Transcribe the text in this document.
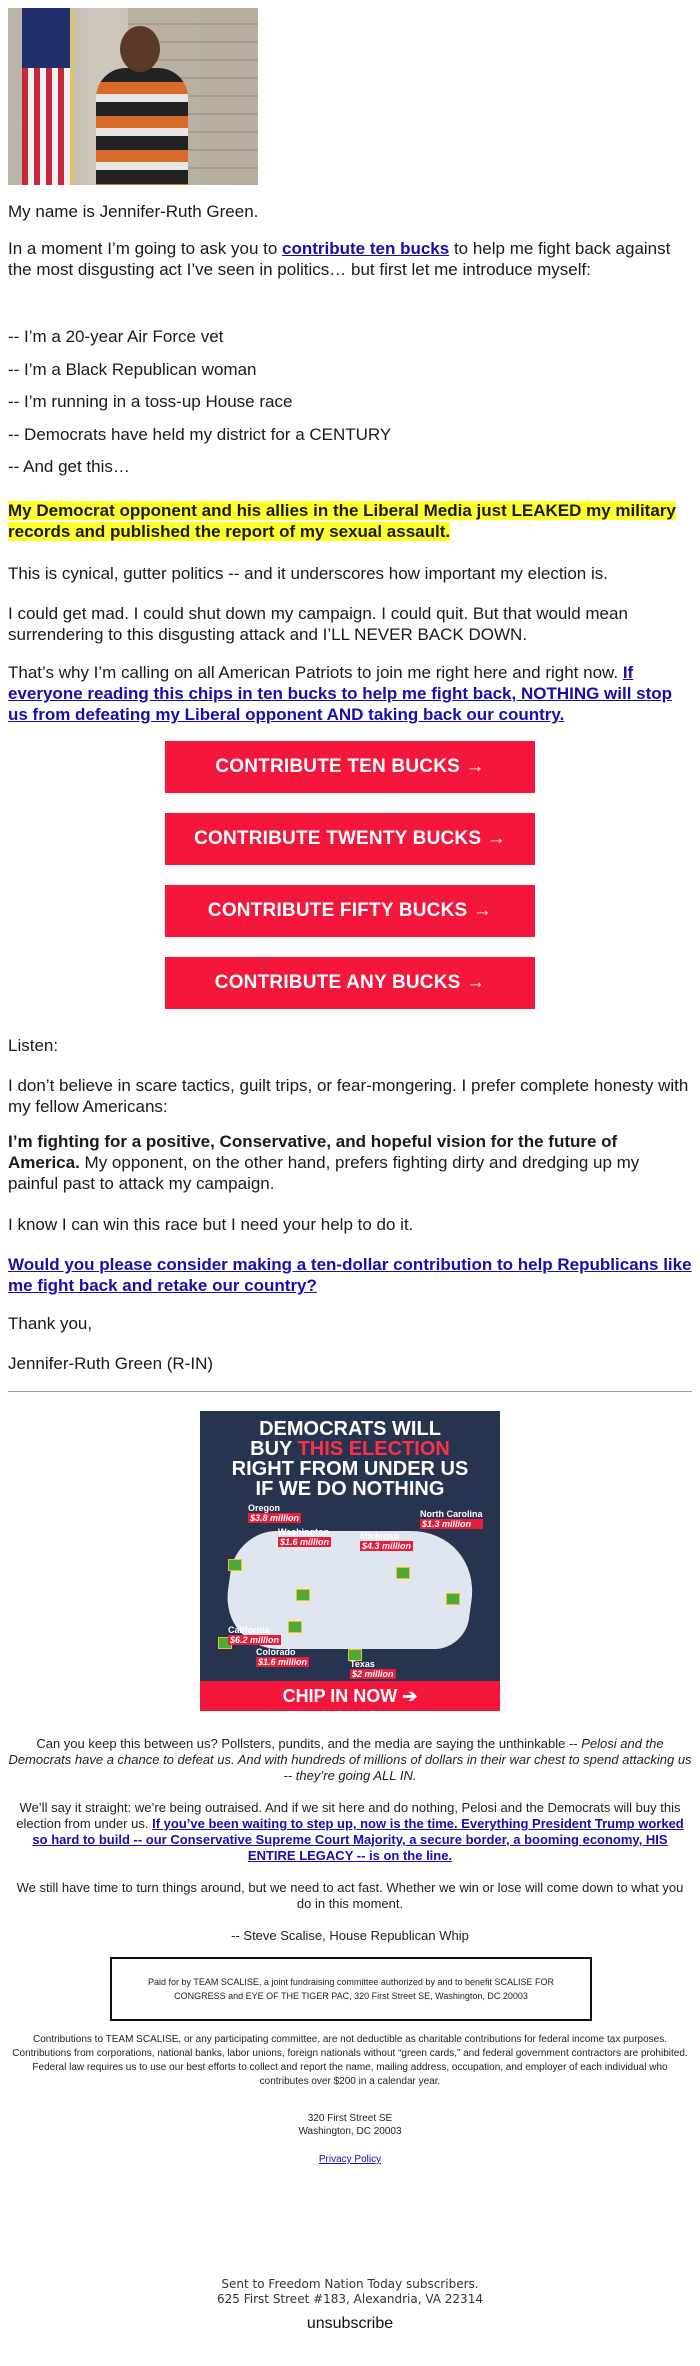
My name is Jennifer-Ruth Green.

In a moment I’m going to ask you to contribute ten bucks to help me fight back against the most disgusting act I’ve seen in politics… but first let me introduce myself:

-- I’m a 20-year Air Force vet

-- I’m a Black Republican woman

-- I’m running in a toss-up House race

-- Democrats have held my district for a CENTURY

-- And get this…

My Democrat opponent and his allies in the Liberal Media just LEAKED my military records and published the report of my sexual assault.

This is cynical, gutter politics -- and it underscores how important my election is.

I could get mad. I could shut down my campaign. I could quit. But that would mean surrendering to this disgusting attack and I’LL NEVER BACK DOWN.

That’s why I’m calling on all American Patriots to join me right here and right now. If everyone reading this chips in ten bucks to help me fight back, NOTHING will stop us from defeating my Liberal opponent AND taking back our country.

CONTRIBUTE TEN BUCKS →
CONTRIBUTE TWENTY BUCKS →
CONTRIBUTE FIFTY BUCKS →
CONTRIBUTE ANY BUCKS →

Listen:

I don’t believe in scare tactics, guilt trips, or fear-mongering. I prefer complete honesty with my fellow Americans:

I’m fighting for a positive, Conservative, and hopeful vision for the future of America. My opponent, on the other hand, prefers fighting dirty and dredging up my painful past to attack my campaign.

I know I can win this race but I need your help to do it.

Would you please consider making a ten-dollar contribution to help Republicans like me fight back and retake our country?

Thank you,

Jennifer-Ruth Green (R-IN)

DEMOCRATS WILL
BUY THIS ELECTION
RIGHT FROM UNDER US
IF WE DO NOTHING
Oregon
$3.8 million
Washington
$1.6 million
North Carolina
$1.3 million
Michigan
$4.3 million
California
$6.2 million
Colorado
$1.6 million	Texas
$2 million
CHIP IN NOW ➔

Can you keep this between us? Pollsters, pundits, and the media are saying the unthinkable -- Pelosi and the Democrats have a chance to defeat us. And with hundreds of millions of dollars in their war chest to spend attacking us -- they’re going ALL IN.

We’ll say it straight: we’re being outraised. And if we sit here and do nothing, Pelosi and the Democrats will buy this election from under us. If you’ve been waiting to step up, now is the time. Everything President Trump worked so hard to build -- our Conservative Supreme Court Majority, a secure border, a booming economy, HIS ENTIRE LEGACY -- is on the line.

We still have time to turn things around, but we need to act fast. Whether we win or lose will come down to what you do in this moment.

-- Steve Scalise, House Republican Whip

Paid for by TEAM SCALISE, a joint fundraising committee authorized by and to benefit SCALISE FOR CONGRESS and EYE OF THE TIGER PAC, 320 First Street SE, Washington, DC 20003

Contributions to TEAM SCALISE, or any participating committee, are not deductible as charitable contributions for federal income tax purposes. Contributions from corporations, national banks, labor unions, foreign nationals without “green cards,” and federal government contractors are prohibited. Federal law requires us to use our best efforts to collect and report the name, mailing address, occupation, and employer of each individual who contributes over $200 in a calendar year.

320 First Street SE

Washington, DC 20003

Privacy Policy

Sent to Freedom Nation Today subscribers.

625 First Street #183, Alexandria, VA 22314

unsubscribe
